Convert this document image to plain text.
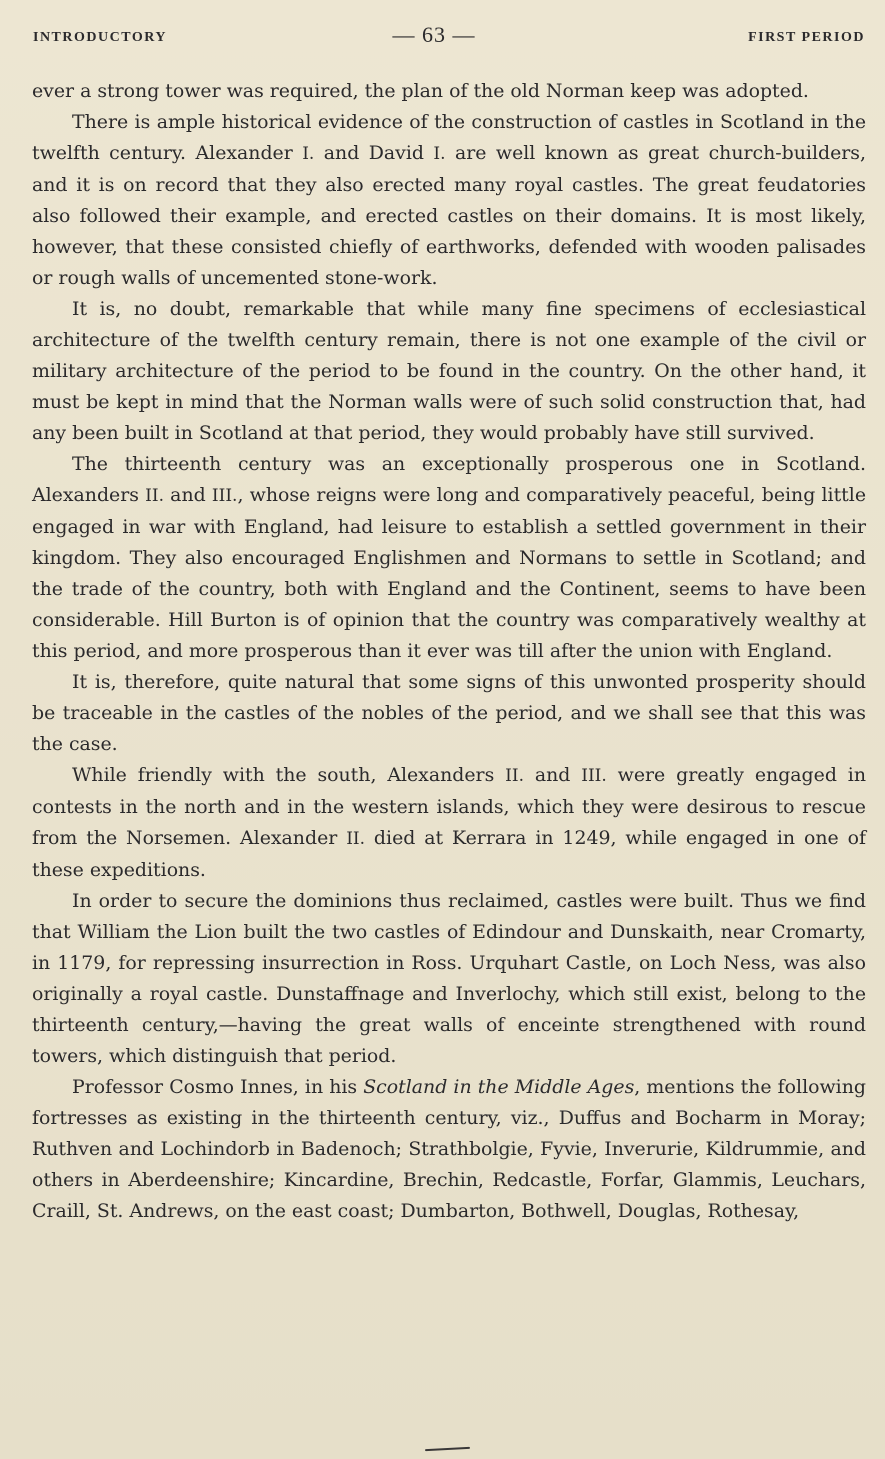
INTRODUCTORY	— 63 —	FIRST PERIOD

ever a strong tower was required, the plan of the old Norman keep was adopted.

There is ample historical evidence of the construction of castles in Scotland in the twelfth century. Alexander I. and David I. are well known as great church-builders, and it is on record that they also erected many royal castles. The great feudatories also followed their example, and erected castles on their domains. It is most likely, however, that these consisted chiefly of earthworks, defended with wooden palisades or rough walls of uncemented stone-work.

It is, no doubt, remarkable that while many fine specimens of ecclesiastical architecture of the twelfth century remain, there is not one example of the civil or military architecture of the period to be found in the country. On the other hand, it must be kept in mind that the Norman walls were of such solid construction that, had any been built in Scotland at that period, they would probably have still survived.

The thirteenth century was an exceptionally prosperous one in Scotland. Alexanders II. and III., whose reigns were long and comparatively peaceful, being little engaged in war with England, had leisure to establish a settled government in their kingdom. They also encouraged Englishmen and Normans to settle in Scotland; and the trade of the country, both with England and the Continent, seems to have been considerable. Hill Burton is of opinion that the country was comparatively wealthy at this period, and more prosperous than it ever was till after the union with England.

It is, therefore, quite natural that some signs of this unwonted prosperity should be traceable in the castles of the nobles of the period, and we shall see that this was the case.

While friendly with the south, Alexanders II. and III. were greatly engaged in contests in the north and in the western islands, which they were desirous to rescue from the Norsemen. Alexander II. died at Kerrara in 1249, while engaged in one of these expeditions.

In order to secure the dominions thus reclaimed, castles were built. Thus we find that William the Lion built the two castles of Edindour and Dunskaith, near Cromarty, in 1179, for repressing insurrection in Ross. Urquhart Castle, on Loch Ness, was also originally a royal castle. Dunstaffnage and Inverlochy, which still exist, belong to the thirteenth century,—having the great walls of enceinte strengthened with round towers, which distinguish that period.

Professor Cosmo Innes, in his Scotland in the Middle Ages, mentions the following fortresses as existing in the thirteenth century, viz., Duffus and Bocharm in Moray; Ruthven and Lochindorb in Badenoch; Strathbolgie, Fyvie, Inverurie, Kildrummie, and others in Aberdeenshire; Kincardine, Brechin, Redcastle, Forfar, Glammis, Leuchars, Craill, St. Andrews, on the east coast; Dumbarton, Bothwell, Douglas, Rothesay,
